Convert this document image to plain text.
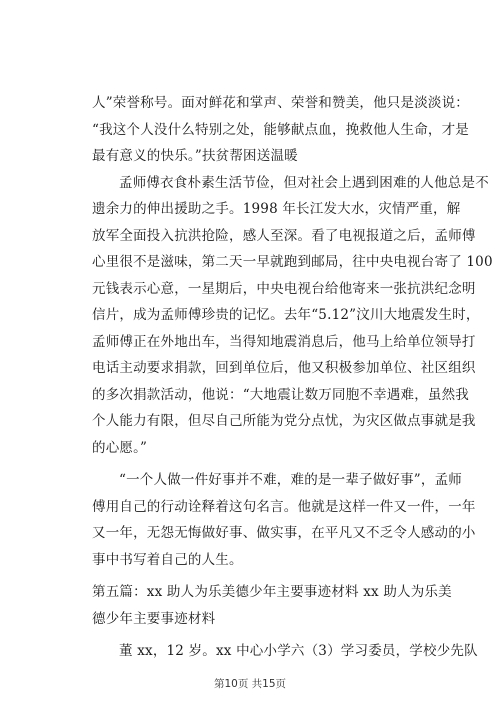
人”荣誉称号。面对鲜花和掌声、荣誉和赞美，他只是淡淡说：
“我这个人没什么特别之处，能够献点血，挽救他人生命，才是
最有意义的快乐。”扶贫帮困送温暖
孟师傅衣食朴素生活节俭，但对社会上遇到困难的人他总是不
遗余力的伸出援助之手。1998 年长江发大水，灾情严重，解
放军全面投入抗洪抢险，感人至深。看了电视报道之后，孟师傅
心里很不是滋味，第二天一早就跑到邮局，往中央电视台寄了 100
元钱表示心意，一星期后，中央电视台给他寄来一张抗洪纪念明
信片，成为孟师傅珍贵的记忆。去年“5.12”汶川大地震发生时，
孟师傅正在外地出车，当得知地震消息后，他马上给单位领导打
电话主动要求捐款，回到单位后，他又积极参加单位、社区组织
的多次捐款活动，他说：“大地震让数万同胞不幸遇难，虽然我
个人能力有限，但尽自己所能为党分点忧，为灾区做点事就是我
的心愿。”
“一个人做一件好事并不难，难的是一辈子做好事”，孟师
傅用自己的行动诠释着这句名言。他就是这样一件又一件，一年
又一年，无怨无悔做好事、做实事，在平凡又不乏令人感动的小
事中书写着自己的人生。
第五篇：xx 助人为乐美德少年主要事迹材料 xx 助人为乐美
德少年主要事迹材料
董 xx，12 岁。xx 中心小学六（3）学习委员，学校少先队
第10页 共15页
